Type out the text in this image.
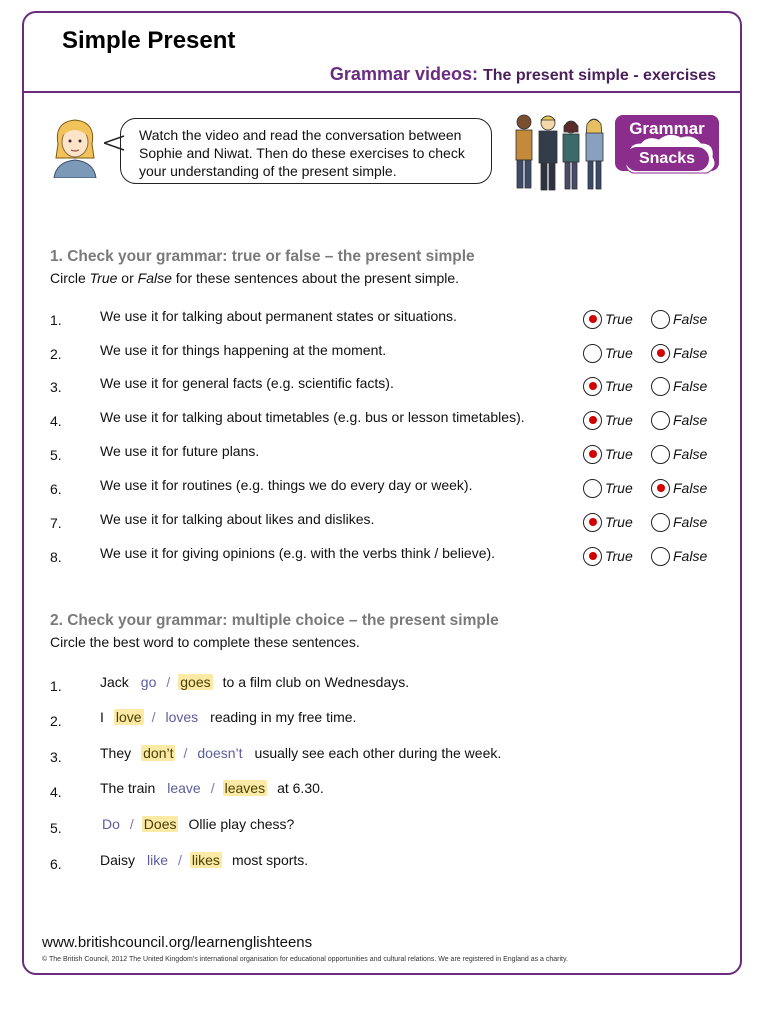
Simple Present
Grammar videos: The present simple - exercises
Watch the video and read the conversation between
Sophie and Niwat. Then do these exercises to check
your understanding of the present simple.
Grammar
Snacks
1. Check your grammar: true or false – the present simple
Circle True or False for these sentences about the present simple.
1.	We use it for talking about permanent states or situations.	True	False
2.	We use it for things happening at the moment.	True	False
3.	We use it for general facts (e.g. scientific facts).	True	False
4.	We use it for talking about timetables (e.g. bus or lesson timetables).	True	False
5.	We use it for future plans.	True	False
6.	We use it for routines (e.g. things we do every day or week).	True	False
7.	We use it for talking about likes and dislikes.	True	False
8.	We use it for giving opinions (e.g. with the verbs think / believe).	True	False
2. Check your grammar: multiple choice – the present simple
Circle the best word to complete these sentences.
1.	Jack go / goes to a film club on Wednesdays.
2.	I love / loves reading in my free time.
3.	They don’t / doesn’t usually see each other during the week.
4.	The train leave / leaves at 6.30.
5.	Do / Does Ollie play chess?
6.	Daisy like / likes most sports.
www.britishcouncil.org/learnenglishteens
© The British Council, 2012 The United Kingdom’s international organisation for educational opportunities and cultural relations. We are registered in England as a charity.
